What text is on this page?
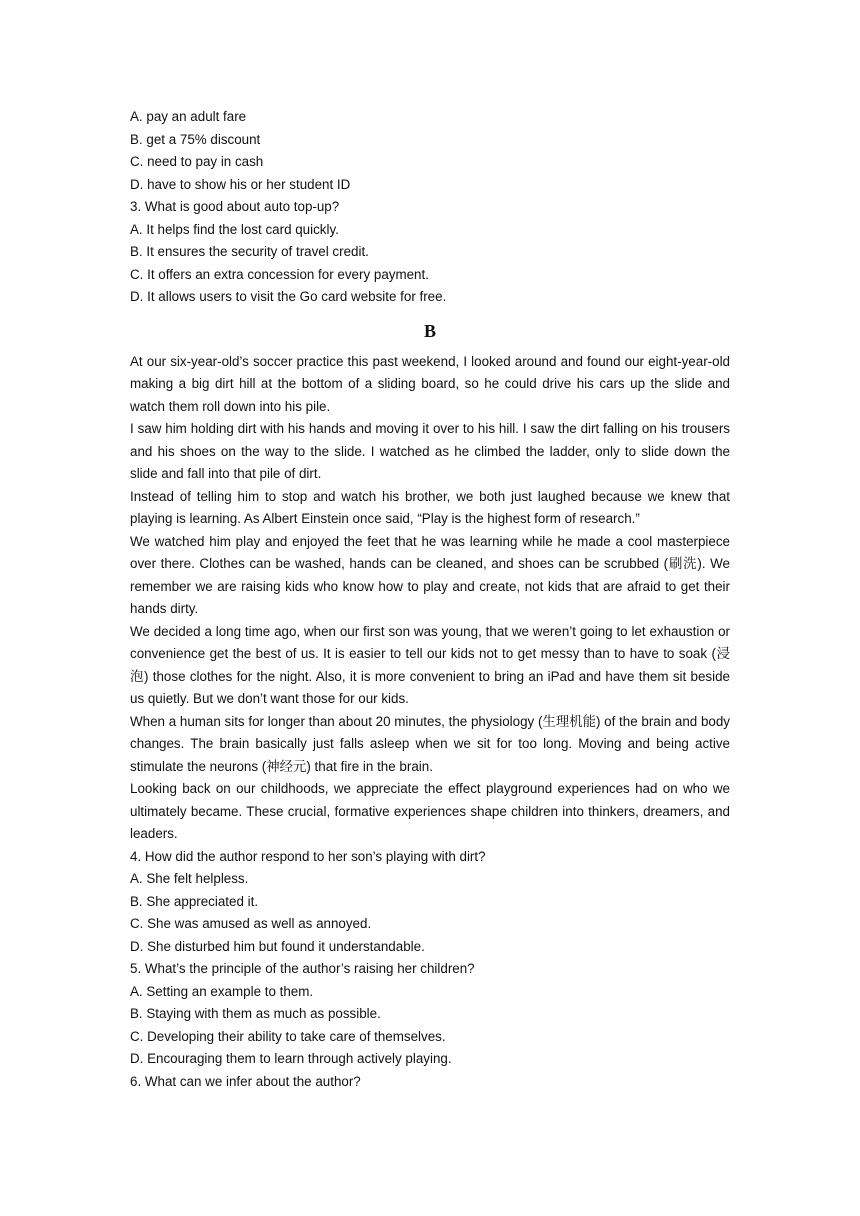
A. pay an adult fare

B. get a 75% discount

C. need to pay in cash

D. have to show his or her student ID

3. What is good about auto top-up?

A. It helps find the lost card quickly.

B. It ensures the security of travel credit.

C. It offers an extra concession for every payment.

D. It allows users to visit the Go card website for free.

B

At our six-year-old’s soccer practice this past weekend, I looked around and found our eight-year-old making a big dirt hill at the bottom of a sliding board, so he could drive his cars up the slide and watch them roll down into his pile.

I saw him holding dirt with his hands and moving it over to his hill. I saw the dirt falling on his trousers and his shoes on the way to the slide. I watched as he climbed the ladder, only to slide down the slide and fall into that pile of dirt.

Instead of telling him to stop and watch his brother, we both just laughed because we knew that playing is learning. As Albert Einstein once said, “Play is the highest form of research.”

We watched him play and enjoyed the feet that he was learning while he made a cool masterpiece over there. Clothes can be washed, hands can be cleaned, and shoes can be scrubbed (刷洗). We remember we are raising kids who know how to play and create, not kids that are afraid to get their hands dirty.

We decided a long time ago, when our first son was young, that we weren’t going to let exhaustion or convenience get the best of us. It is easier to tell our kids not to get messy than to have to soak (浸泡) those clothes for the night. Also, it is more convenient to bring an iPad and have them sit beside us quietly. But we don’t want those for our kids.

When a human sits for longer than about 20 minutes, the physiology (生理机能) of the brain and body changes. The brain basically just falls asleep when we sit for too long. Moving and being active stimulate the neurons (神经元) that fire in the brain.

Looking back on our childhoods, we appreciate the effect playground experiences had on who we ultimately became. These crucial, formative experiences shape children into thinkers, dreamers, and leaders.

4. How did the author respond to her son’s playing with dirt?

A. She felt helpless.

B. She appreciated it.

C. She was amused as well as annoyed.

D. She disturbed him but found it understandable.

5. What’s the principle of the author’s raising her children?

A. Setting an example to them.

B. Staying with them as much as possible.

C. Developing their ability to take care of themselves.

D. Encouraging them to learn through actively playing.

6. What can we infer about the author?
